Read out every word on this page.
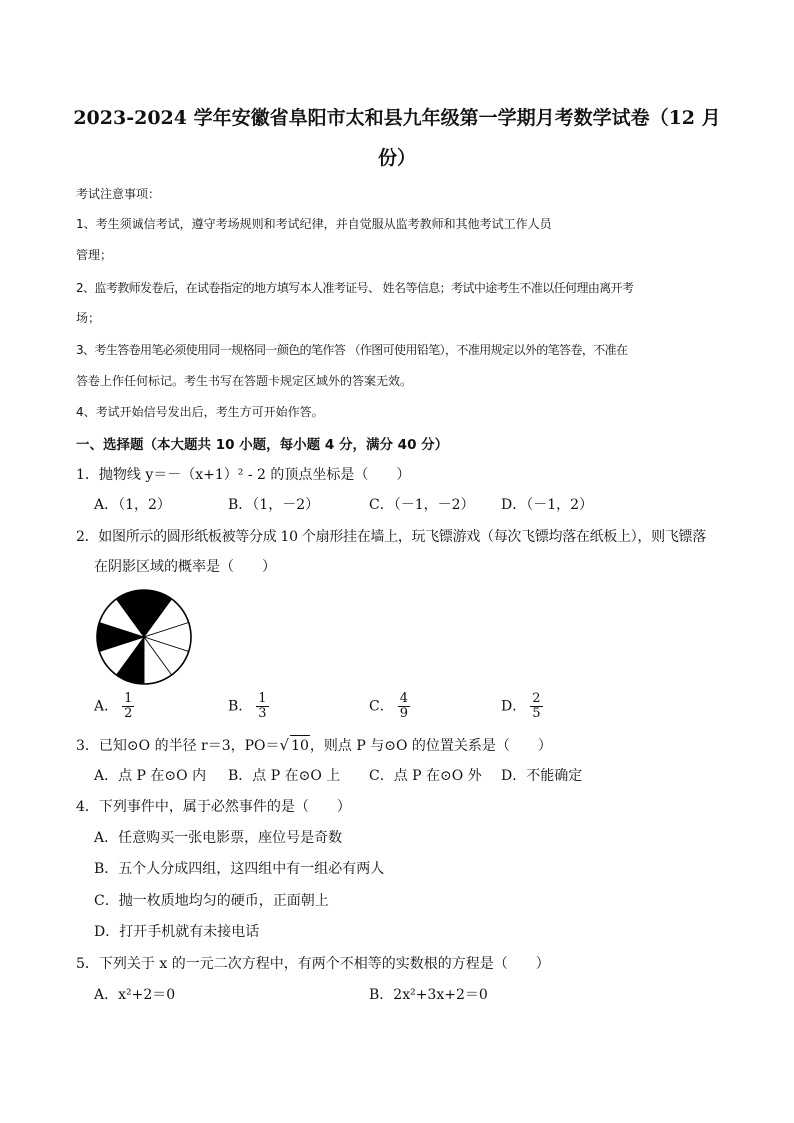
2023-2024 学年安徽省阜阳市太和县九年级第一学期月考数学试卷（12 月
份）
考试注意事项：
1、考生须诚信考试，遵守考场规则和考试纪律，并自觉服从监考教师和其他考试工作人员
管理；
2、监考教师发卷后，在试卷指定的地方填写本人准考证号、 姓名等信息；考试中途考生不准以任何理由离开考
场；
3、考生答卷用笔必须使用同一规格同一颜色的笔作答 （作图可使用铅笔），不准用规定以外的笔答卷，不准在
答卷上作任何标记。考生书写在答题卡规定区域外的答案无效。
4、考试开始信号发出后，考生方可开始作答。
一、选择题（本大题共 10 小题，每小题 4 分，满分 40 分）
1．抛物线 y＝－（x+1）² - 2 的顶点坐标是（　　）
A．（1，2）	B．（1，－2）	C．（－1，－2） D．（－1，2）
2．如图所示的圆形纸板被等分成 10 个扇形挂在墙上，玩飞镖游戏（每次飞镖均落在纸板上），则飞镖落
在阴影区域的概率是（　　）
A． $\frac{1}{2}$	B． $\frac{1}{3}$	C． $\frac{4}{9}$	D． $\frac{2}{5}$
3．已知⊙O 的半径 r＝3，PO＝√ 10，则点 P 与⊙O 的位置关系是（　　）
A．点 P 在⊙O 内 B．点 P 在⊙O 上 C．点 P 在⊙O 外 D．不能确定
4．下列事件中，属于必然事件的是（　　）
A．任意购买一张电影票，座位号是奇数
B．五个人分成四组，这四组中有一组必有两人
C．抛一枚质地均匀的硬币，正面朝上
D．打开手机就有未接电话
5．下列关于 x 的一元二次方程中，有两个不相等的实数根的方程是（　　）
A．x²+2＝0	B．2x²+3x+2＝0
